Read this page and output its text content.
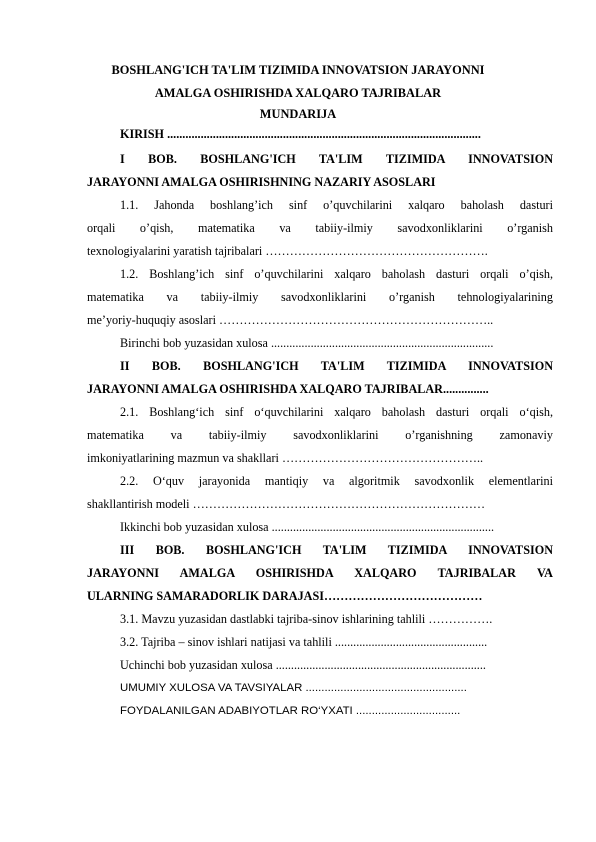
BOSHLANG'ICH TA'LIM TIZIMIDA INNOVATSION JARAYONNI
AMALGA OSHIRISHDA XALQARO TAJRIBALAR
MUNDARIJA
KIRISH .......................................................................................................
I BOB. BOSHLANG'ICH TA'LIM TIZIMIDA INNOVATSION
JARAYONNI AMALGA OSHIRISHNING NAZARIY ASOSLARI
1.1. Jahonda boshlang’ich sinf o’quvchilarini xalqaro baholash dasturi
orqali o’qish, matematika va tabiiy-ilmiy savodxonliklarini o’rganish
texnologiyalarini yaratish tajribalari ……………………………………………….
1.2. Boshlang’ich sinf o’quvchilarini xalqaro baholash dasturi orqali o’qish,
matematika va tabiiy-ilmiy savodxonliklarini o’rganish tehnologiyalarining
me’yoriy-huquqiy asoslari …………………………………………………………..
Birinchi bob yuzasidan xulosa .........................................................................
II BOB. BOSHLANG'ICH TA'LIM TIZIMIDA INNOVATSION
JARAYONNI AMALGA OSHIRISHDA XALQARO TAJRIBALAR...............
2.1. Boshlang‘ich sinf o‘quvchilarini xalqaro baholash dasturi orqali o‘qish,
matematika va tabiiy-ilmiy savodxonliklarini o’rganishning zamonaviy
imkoniyatlarining mazmun va shakllari …………………………………………..
2.2. O‘quv jarayonida mantiqiy va algoritmik savodxonlik elementlarini
shakllantirish modeli ………………………………………………………………
Ikkinchi bob yuzasidan xulosa .........................................................................
III BOB. BOSHLANG'ICH TA'LIM TIZIMIDA INNOVATSION
JARAYONNI AMALGA OSHIRISHDA XALQARO TAJRIBALAR VA
ULARNING SAMARADORLIK DARAJASI…………………………………
3.1. Mavzu yuzasidan dastlabki tajriba-sinov ishlarining tahlili …………….
3.2. Tajriba – sinov ishlari natijasi va tahlili ..................................................
Uchinchi bob yuzasidan xulosa .....................................................................
UMUMIY XULOSA VA TAVSIYALAR ...................................................
FOYDALANILGAN ADABIYOTLAR RO‘YXATI .................................
